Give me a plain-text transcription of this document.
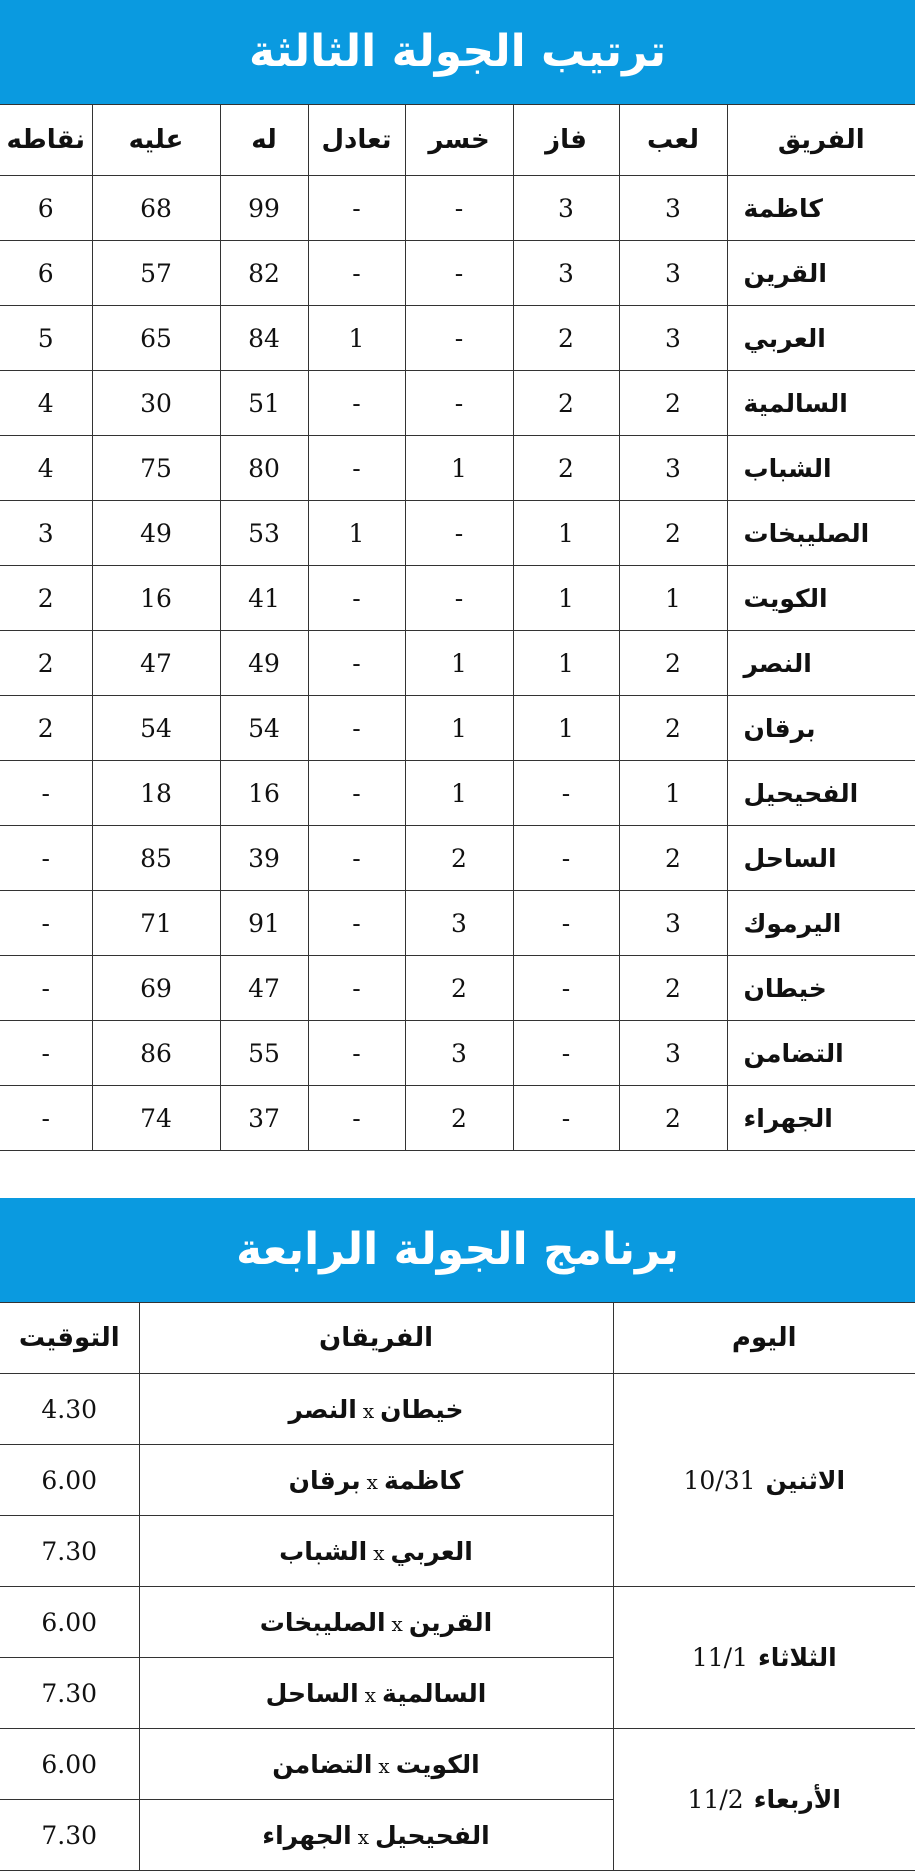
ترتيب الجولة الثالثة
الفريق	لعب	فاز	خسر	تعادل	له	عليه	نقاطه
كاظمة	3	3	-	-	99	68	6
القرين	3	3	-	-	82	57	6
العربي	3	2	-	1	84	65	5
السالمية	2	2	-	-	51	30	4
الشباب	3	2	1	-	80	75	4
الصليبخات	2	1	-	1	53	49	3
الكويت	1	1	-	-	41	16	2
النصر	2	1	1	-	49	47	2
برقان	2	1	1	-	54	54	2
الفحيحيل	1	-	1	-	16	18	-
الساحل	2	-	2	-	39	85	-
اليرموك	3	-	3	-	91	71	-
خيطان	2	-	2	-	47	69	-
التضامن	3	-	3	-	55	86	-
الجهراء	2	-	2	-	37	74	-
برنامج الجولة الرابعة
اليوم	الفريقان	التوقيت
الاثنين10/31	خيطانxالنصر	4.30
	كاظمةxبرقان	6.00
	العربيxالشباب	7.30
الثلاثاء11/1	القرينxالصليبخات	6.00
	السالميةxالساحل	7.30
الأربعاء11/2	الكويتxالتضامن	6.00
	الفحيحيلxالجهراء	7.30
